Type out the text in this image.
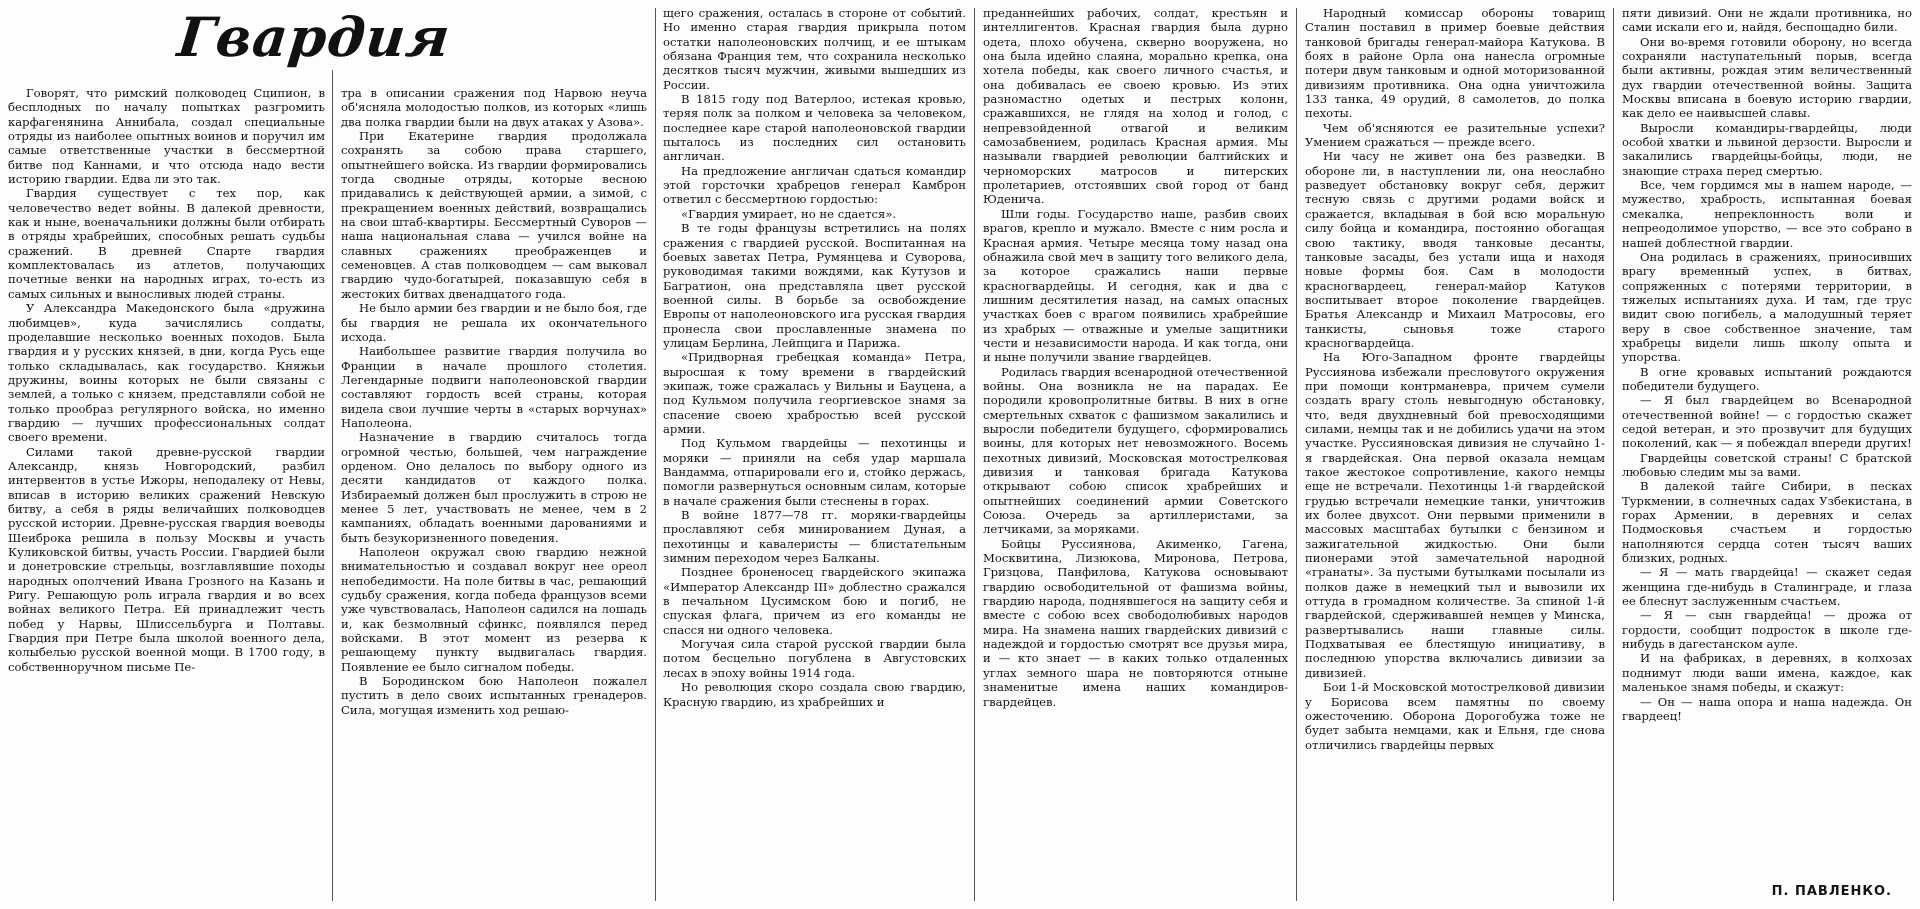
Гвардия

Говорят, что римский полководец Сципион, в бесплодных по началу попытках разгромить карфагенянина Аннибала, создал специальные отряды из наиболее опытных воинов и поручил им самые ответственные участки в бессмертной битве под Каннами, и что отсюда надо вести историю гвардии. Едва ли это так.

Гвардия существует с тех пор, как человечество ведет войны. В далекой древности, как и ныне, военачальники должны были отбирать в отряды храбрейших, способных решать судьбы сражений. В древней Спарте гвардия комплектовалась из атлетов, получающих почетные венки на народных играх, то-есть из самых сильных и выносливых людей страны.

У Александра Македонского была «дружина любимцев», куда зачислялись солдаты, проделавшие несколько военных походов. Была гвардия и у русских князей, в дни, когда Русь еще только складывалась, как государство. Княжьи дружины, воины которых не были связаны с землей, а только с князем, представляли собой не только прообраз регулярного войска, но именно гвардию — лучших профессиональных солдат своего времени.

Силами такой древне-русской гвардии Александр, князь Новгородский, разбил интервентов в устье Ижоры, неподалеку от Невы, вписав в историю великих сражений Невскую битву, а себя в ряды величайших полководцев русской истории. Древне-русская гвардия воеводы Шеиброка решила в пользу Москвы и участь Куликовской битвы, участь России. Гвардией были и донетровские стрельцы, возглавлявшие походы народных ополчений Ивана Грозного на Казань и Ригу. Решающую роль играла гвардия и во всех войнах великого Петра. Ей принадлежит честь побед у Нарвы, Шлиссельбурга и Полтавы. Гвардия при Петре была школой военного дела, колыбелью русской военной мощи. В 1700 году, в собственноручном письме Пе-

тра в описании сражения под Нарвою неуча об'ясняла молодостью полков, из которых «лишь два полка гвардии были на двух атаках у Азова».

При Екатерине гвардия продолжала сохранять за собою права старшего, опытнейшего войска. Из гвардии формировались тогда сводные отряды, которые весною придавались к действующей армии, а зимой, с прекращением военных действий, возвращались на свои штаб-квартиры. Бессмертный Суворов — наша национальная слава — учился войне на славных сражениях преображенцев и семеновцев. А став полководцем — сам выковал гвардию чудо-богатырей, показавшую себя в жестоких битвах двенадцатого года.

Не было армии без гвардии и не было боя, где бы гвардия не решала их окончательного исхода.

Наибольшее развитие гвардия получила во Франции в начале прошлого столетия. Легендарные подвиги наполеоновской гвардии составляют гордость всей страны, которая видела свои лучшие черты в «старых ворчунах» Наполеона.

Назначение в гвардию считалось тогда огромной честью, большей, чем награждение орденом. Оно делалось по выбору одного из десяти кандидатов от каждого полка. Избираемый должен был прослужить в строю не менее 5 лет, участвовать не менее, чем в 2 кампаниях, обладать военными дарованиями и быть безукоризненного поведения.

Наполеон окружал свою гвардию нежной внимательностью и создавал вокруг нее ореол непобедимости. На поле битвы в час, решающий судьбу сражения, когда победа французов всеми уже чувствовалась, Наполеон садился на лошадь и, как безмолвный сфинкс, появлялся перед войсками. В этот момент из резерва к решающему пункту выдвигалась гвардия. Появление ее было сигналом победы.

В Бородинском бою Наполеон пожалел пустить в дело своих испытанных гренадеров. Сила, могущая изменить ход решаю-

щего сражения, осталась в стороне от событий. Но именно старая гвардия прикрыла потом остатки наполеоновских полчищ, и ее штыкам обязана Франция тем, что сохранила несколько десятков тысяч мужчин, живыми вышедших из России.

В 1815 году под Ватерлоо, истекая кровью, теряя полк за полком и человека за человеком, последнее каре старой наполеоновской гвардии пыталось из последних сил остановить англичан.

На предложение англичан сдаться командир этой горсточки храбрецов генерал Камброн ответил с бессмертною гордостью:

«Гвардия умирает, но не сдается».

В те годы французы встретились на полях сражения с гвардией русской. Воспитанная на боевых заветах Петра, Румянцева и Суворова, руководимая такими вождями, как Кутузов и Багратион, она представляла цвет русской военной силы. В борьбе за освобождение Европы от наполеоновского ига русская гвардия пронесла свои прославленные знамена по улицам Берлина, Лейпцига и Парижа.

«Придворная гребецкая команда» Петра, выросшая к тому времени в гвардейский экипаж, тоже сражалась у Вильны и Бауцена, а под Кульмом получила георгиевское знамя за спасение своею храбростью всей русской армии.

Под Кульмом гвардейцы — пехотинцы и моряки — приняли на себя удар маршала Вандамма, отпарировали его и, стойко держась, помогли развернуться основным силам, которые в начале сражения были стеснены в горах.

В войне 1877—78 гг. моряки-гвардейцы прославляют себя минированием Дуная, а пехотинцы и кавалеристы — блистательным зимним переходом через Балканы.

Позднее броненосец гвардейского экипажа «Император Александр III» доблестно сражался в печальном Цусимском бою и погиб, не спуская флага, причем из его команды не спасся ни одного человека.

Могучая сила старой русской гвардии была потом бесцельно погублена в Августовских лесах в эпоху войны 1914 года.

Но революция скоро создала свою гвардию, Красную гвардию, из храбрейших и

преданнейших рабочих, солдат, крестьян и интеллигентов. Красная гвардия была дурно одета, плохо обучена, скверно вооружена, но она была идейно слаяна, морально крепка, она хотела победы, как своего личного счастья, и она добивалась ее своею кровью. Из этих разномастно одетых и пестрых колонн, сражавшихся, не глядя на холод и голод, с непревзойденной отвагой и великим самозабвением, родилась Красная армия. Мы называли гвардией революции балтийских и черноморских матросов и питерских пролетариев, отстоявших свой город от банд Юденича.

Шли годы. Государство наше, разбив своих врагов, крепло и мужало. Вместе с ним росла и Красная армия. Четыре месяца тому назад она обнажила свой меч в защиту того великого дела, за которое сражались наши первые красногвардейцы. И сегодня, как и два с лишним десятилетия назад, на самых опасных участках боев с врагом появились храбрейшие из храбрых — отважные и умелые защитники чести и независимости народа. И как тогда, они и ныне получили звание гвардейцев.

Родилась гвардия всенародной отечественной войны. Она возникла не на парадах. Ее породили кровопролитные битвы. В них в огне смертельных схваток с фашизмом закалились и выросли победители будущего, сформировались воины, для которых нет невозможного. Восемь пехотных дивизий, Московская мотострелковая дивизия и танковая бригада Катукова открывают собою список храбрейших и опытнейших соединений армии Советского Союза. Очередь за артиллеристами, за летчиками, за моряками.

Бойцы Руссиянова, Акименко, Гагена, Москвитина, Лизюкова, Миронова, Петрова, Гризцова, Панфилова, Катукова основывают гвардию освободительной от фашизма войны, гвардию народа, поднявшегося на защиту себя и вместе с собою всех свободолюбивых народов мира. На знамена наших гвардейских дивизий с надеждой и гордостью смотрят все друзья мира, и — кто знает — в каких только отдаленных углах земного шара не повторяются отныне знаменитые имена наших командиров-гвардейцев.

Народный комиссар обороны товарищ Сталин поставил в пример боевые действия танковой бригады генерал-майора Катукова. В боях в районе Орла она нанесла огромные потери двум танковым и одной моторизованной дивизиям противника. Она одна уничтожила 133 танка, 49 орудий, 8 самолетов, до полка пехоты.

Чем об'ясняются ее разительные успехи? Умением сражаться — прежде всего.

Ни часу не живет она без разведки. В обороне ли, в наступлении ли, она неослабно разведует обстановку вокруг себя, держит тесную связь с другими родами войск и сражается, вкладывая в бой всю моральную силу бойца и командира, постоянно обогащая свою тактику, вводя танковые десанты, танковые засады, без устали ища и находя новые формы боя. Сам в молодости красногвардеец, генерал-майор Катуков воспитывает второе поколение гвардейцев. Братья Александр и Михаил Матросовы, его танкисты, сыновья тоже старого красногвардейца.

На Юго-Западном фронте гвардейцы Руссиянова избежали пресловутого окружения при помощи контрманевра, причем сумели создать врагу столь невыгодную обстановку, что, ведя двухдневный бой превосходящими силами, немцы так и не добились удачи на этом участке. Руссияновская дивизия не случайно 1-я гвардейская. Она первой оказала немцам такое жестокое сопротивление, какого немцы еще не встречали. Пехотинцы 1-й гвардейской грудью встречали немецкие танки, уничтожив их более двухсот. Они первыми применили в массовых масштабах бутылки с бензином и зажигательной жидкостью. Они были пионерами этой замечательной народной «гранаты». За пустыми бутылками посылали из полков даже в немецкий тыл и вывозили их оттуда в громадном количестве. За спиной 1-й гвардейской, сдерживавшей немцев у Минска, развертывались наши главные силы. Подхватывая ее блестящую инициативу, в последнюю упорства включались дивизии за дивизией.

Бои 1-й Московской мотострелковой дивизии у Борисова всем памятны по своему ожесточению. Оборона Дорогобужа тоже не будет забыта немцами, как и Ельня, где снова отличились гвардейцы первых

пяти дивизий. Они не ждали противника, но сами искали его и, найдя, беспощадно били.

Они во-время готовили оборону, но всегда сохраняли наступательный порыв, всегда были активны, рождая этим величественный дух гвардии отечественной войны. Защита Москвы вписана в боевую историю гвардии, как дело ее наивысшей славы.

Выросли командиры-гвардейцы, люди особой хватки и львиной дерзости. Выросли и закалились гвардейцы-бойцы, люди, не знающие страха перед смертью.

Все, чем гордимся мы в нашем народе, — мужество, храбрость, испытанная боевая смекалка, непреклонность воли и непреодолимое упорство, — все это собрано в нашей доблестной гвардии.

Она родилась в сражениях, приносивших врагу временный успех, в битвах, сопряженных с потерями территории, в тяжелых испытаниях духа. И там, где трус видит свою погибель, а малодушный теряет веру в свое собственное значение, там храбрецы видели лишь школу опыта и упорства.

В огне кровавых испытаний рождаются победители будущего.

— Я был гвардейцем во Всенародной отечественной войне! — с гордостью скажет седой ветеран, и это прозвучит для будущих поколений, как — я побеждал впереди других!

Гвардейцы советской страны! С братской любовью следим мы за вами.

В далекой тайге Сибири, в песках Туркмении, в солнечных садах Узбекистана, в горах Армении, в деревнях и селах Подмосковья счастьем и гордостью наполняются сердца сотен тысяч ваших близких, родных.

— Я — мать гвардейца! — скажет седая женщина где-нибудь в Сталинграде, и глаза ее блеснут заслуженным счастьем.

— Я — сын гвардейца! — дрожа от гордости, сообщит подросток в школе где-нибудь в дагестанском ауле.

И на фабриках, в деревнях, в колхозах поднимут люди ваши имена, каждое, как маленькое знамя победы, и скажут:

— Он — наша опора и наша надежда. Он гвардеец!

П. ПАВЛЕНКО.
